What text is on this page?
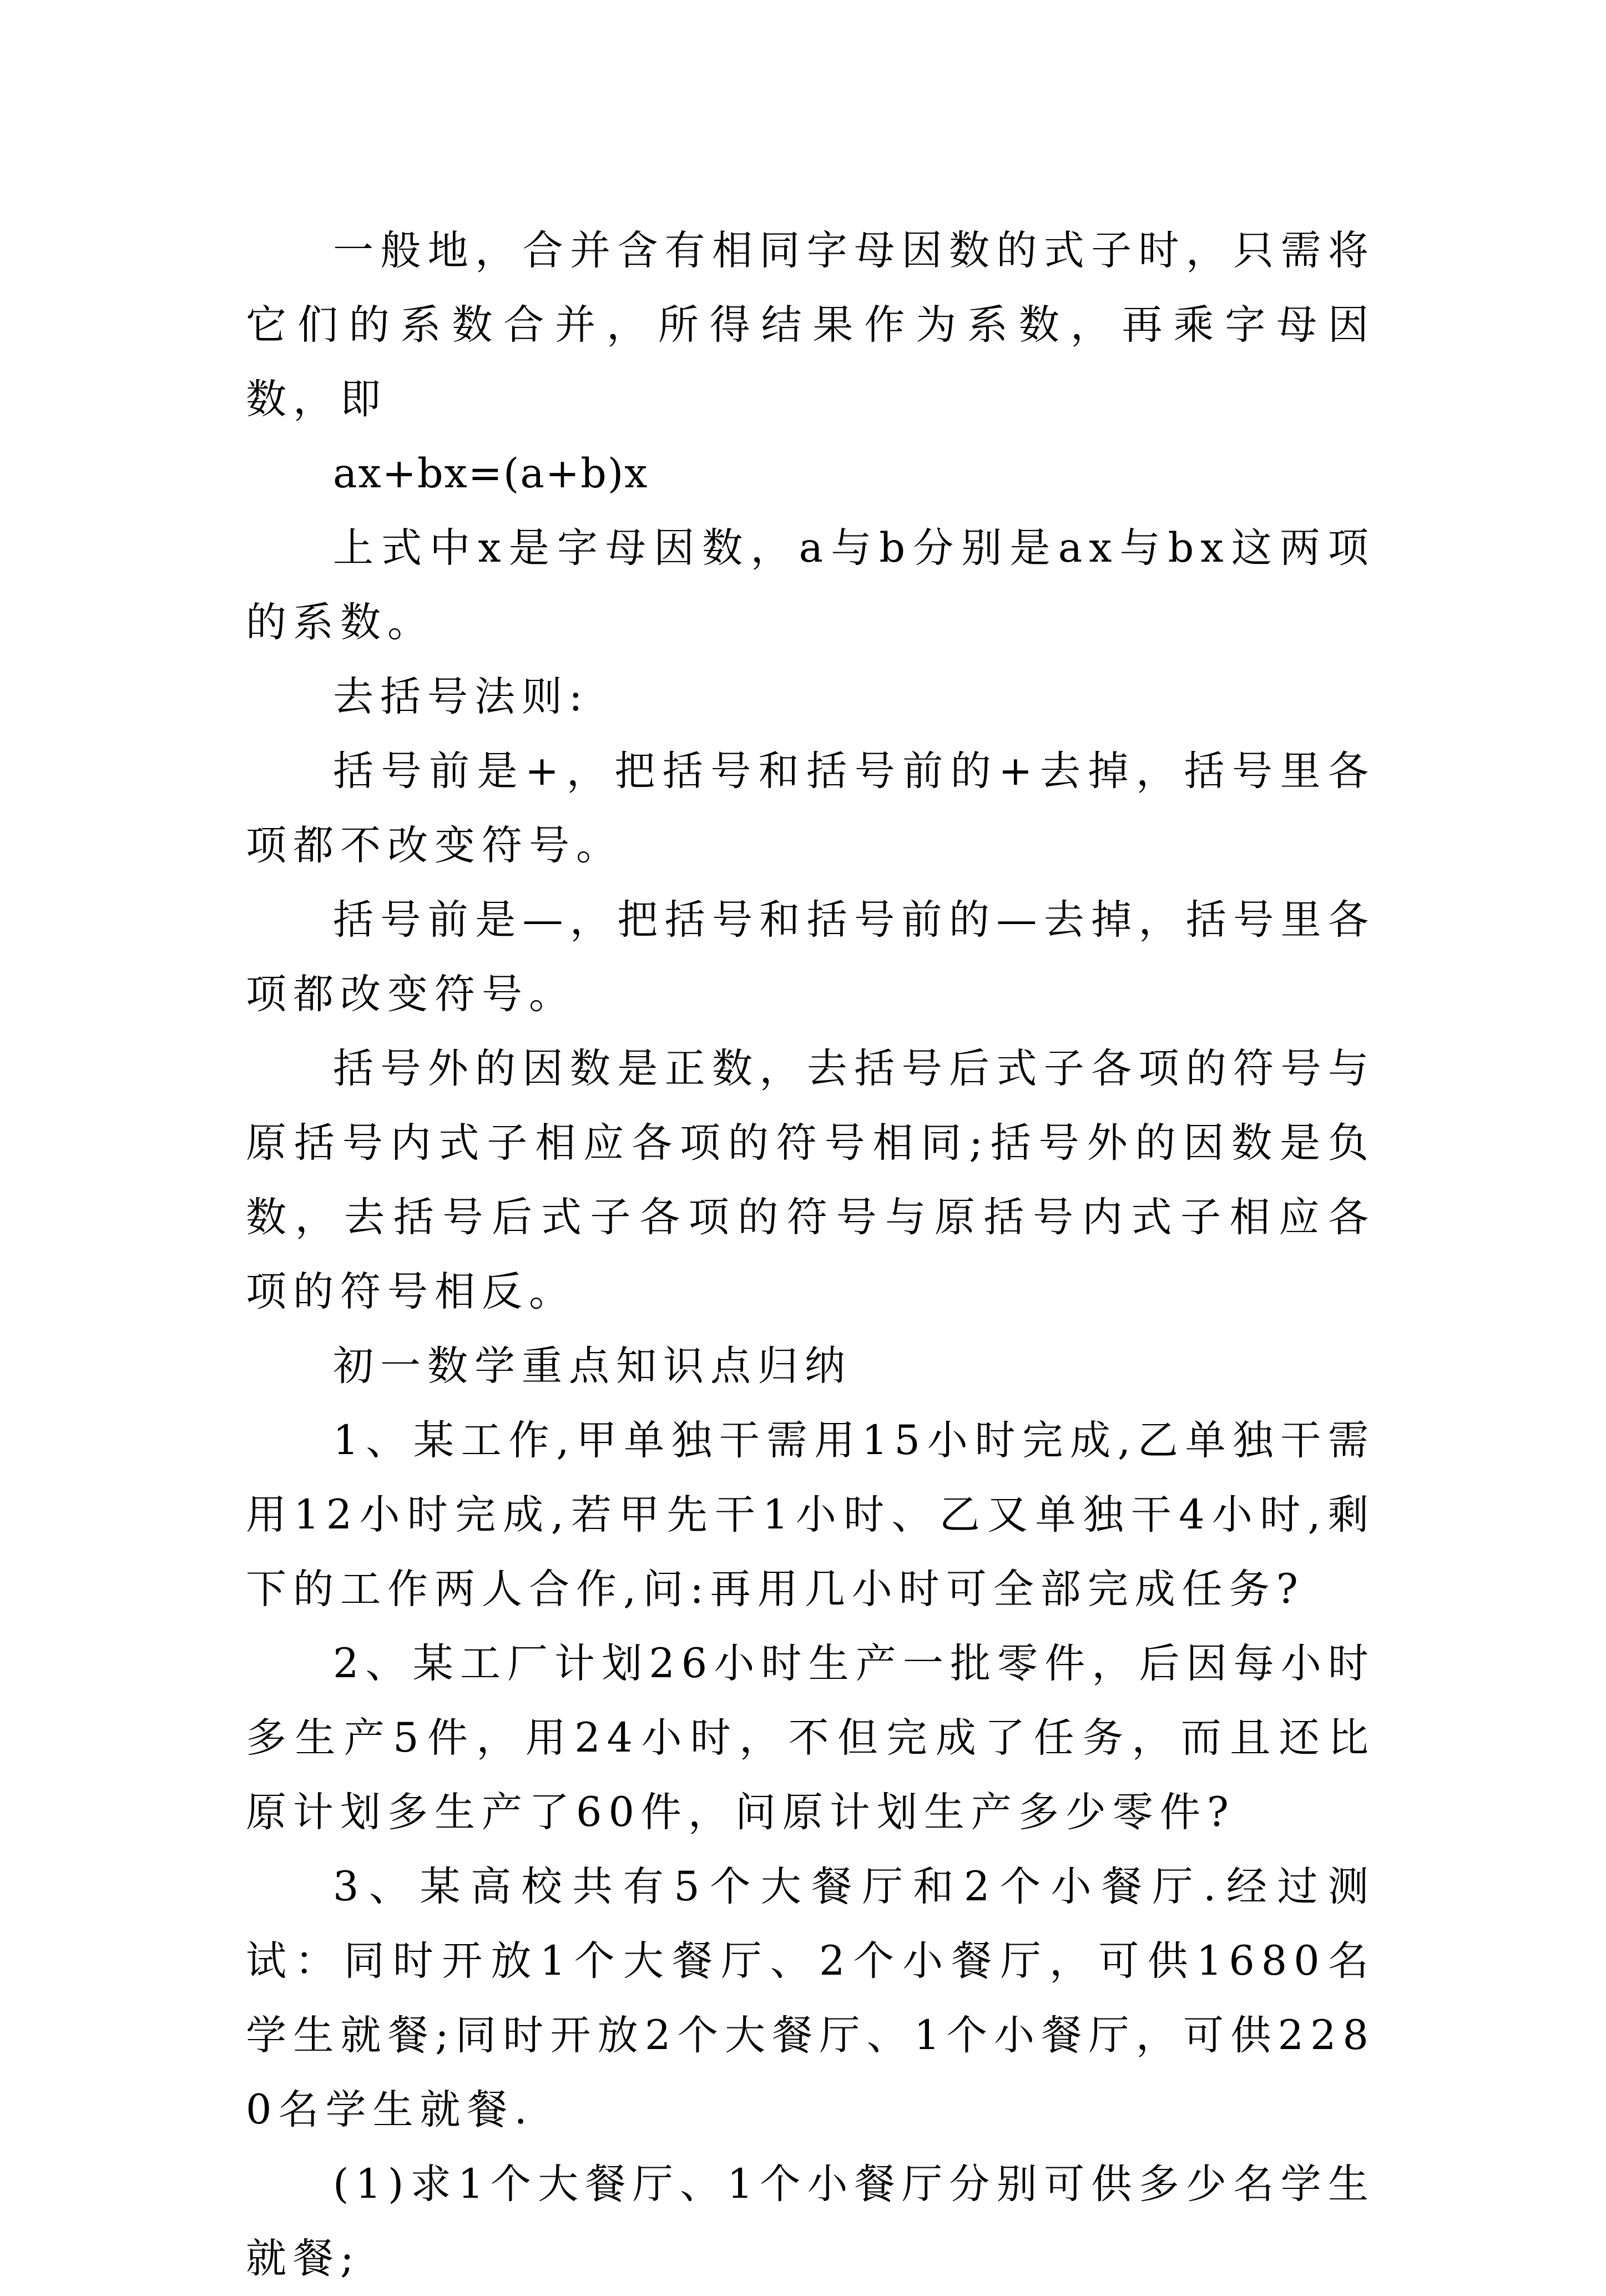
一般地，合并含有相同字母因数的式子时，只需将它们的系数合并，所得结果作为系数，再乘字母因数，即

ax+bx=(a+b)x

上式中x是字母因数，a与b分别是ax与bx这两项的系数。

去括号法则:

括号前是+，把括号和括号前的+去掉，括号里各项都不改变符号。

括号前是—，把括号和括号前的—去掉，括号里各项都改变符号。

括号外的因数是正数，去括号后式子各项的符号与原括号内式子相应各项的符号相同;括号外的因数是负数，去括号后式子各项的符号与原括号内式子相应各项的符号相反。

初一数学重点知识点归纳

1、某工作,甲单独干需用15小时完成,乙单独干需用12小时完成,若甲先干1小时、乙又单独干4小时,剩下的工作两人合作,问:再用几小时可全部完成任务?

2、某工厂计划26小时生产一批零件，后因每小时多生产5件，用24小时，不但完成了任务，而且还比原计划多生产了60件，问原计划生产多少零件?

3、某高校共有5个大餐厅和2个小餐厅.经过测试：同时开放1个大餐厅、2个小餐厅，可供1680名学生就餐;同时开放2个大餐厅、1个小餐厅，可供2280名学生就餐.

(1)求1个大餐厅、1个小餐厅分别可供多少名学生就餐;
